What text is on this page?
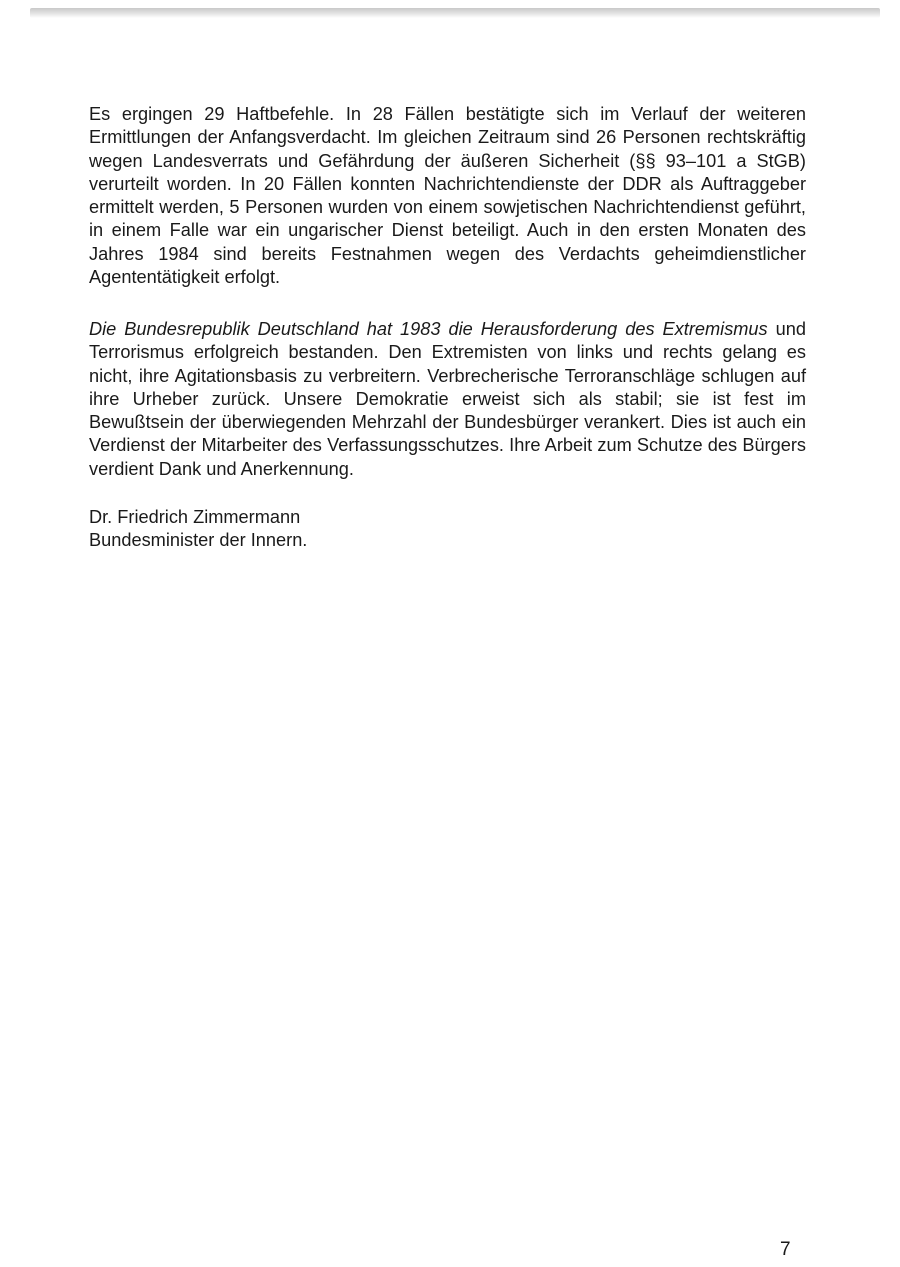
Es ergingen 29 Haftbefehle. In 28 Fällen bestätigte sich im Verlauf der weiteren Ermittlungen der Anfangsverdacht. Im gleichen Zeitraum sind 26 Personen rechtskräftig wegen Landesverrats und Gefährdung der äußeren Sicherheit (§§ 93–101 a StGB) verurteilt worden. In 20 Fällen konnten Nachrichtendienste der DDR als Auftraggeber ermittelt werden, 5 Personen wurden von einem sowjetischen Nachrichtendienst geführt, in einem Falle war ein ungarischer Dienst beteiligt. Auch in den ersten Monaten des Jahres 1984 sind bereits Festnahmen wegen des Verdachts geheimdienstlicher Agententätigkeit erfolgt.

Die Bundesrepublik Deutschland hat 1983 die Herausforderung des Extremismus und Terrorismus erfolgreich bestanden. Den Extremisten von links und rechts gelang es nicht, ihre Agitationsbasis zu verbreitern. Verbrecherische Terroranschläge schlugen auf ihre Urheber zurück. Unsere Demokratie erweist sich als stabil; sie ist fest im Bewußtsein der überwiegenden Mehrzahl der Bundesbürger verankert. Dies ist auch ein Verdienst der Mitarbeiter des Verfassungsschutzes. Ihre Arbeit zum Schutze des Bürgers verdient Dank und Anerkennung.

Dr. Friedrich Zimmermann
Bundesminister der Innern.

7
